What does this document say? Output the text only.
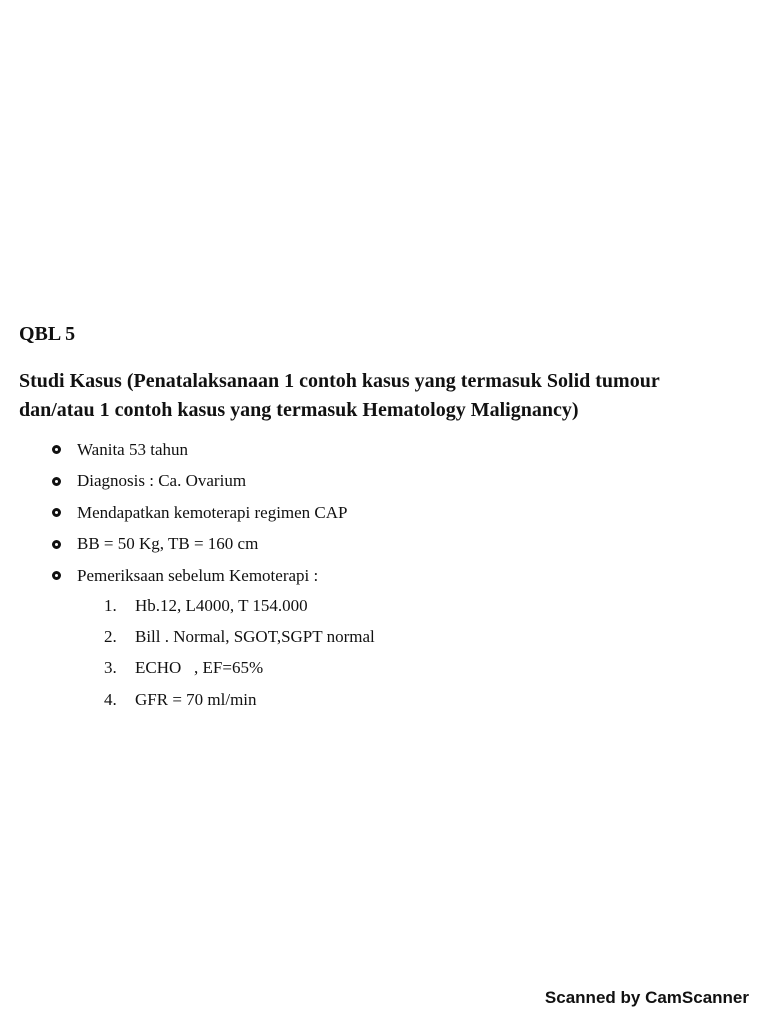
QBL 5
Studi Kasus (Penatalaksanaan 1 contoh kasus yang termasuk Solid tumour
dan/atau 1 contoh kasus yang termasuk Hematology Malignancy)
Wanita 53 tahun
Diagnosis : Ca. Ovarium
Mendapatkan kemoterapi regimen CAP
BB = 50 Kg, TB = 160 cm
Pemeriksaan sebelum Kemoterapi :
1.	Hb.12, L4000, T 154.000
2.	Bill . Normal, SGOT,SGPT normal
3.	ECHO   , EF=65%
4.	GFR = 70 ml/min
Scanned by CamScanner
